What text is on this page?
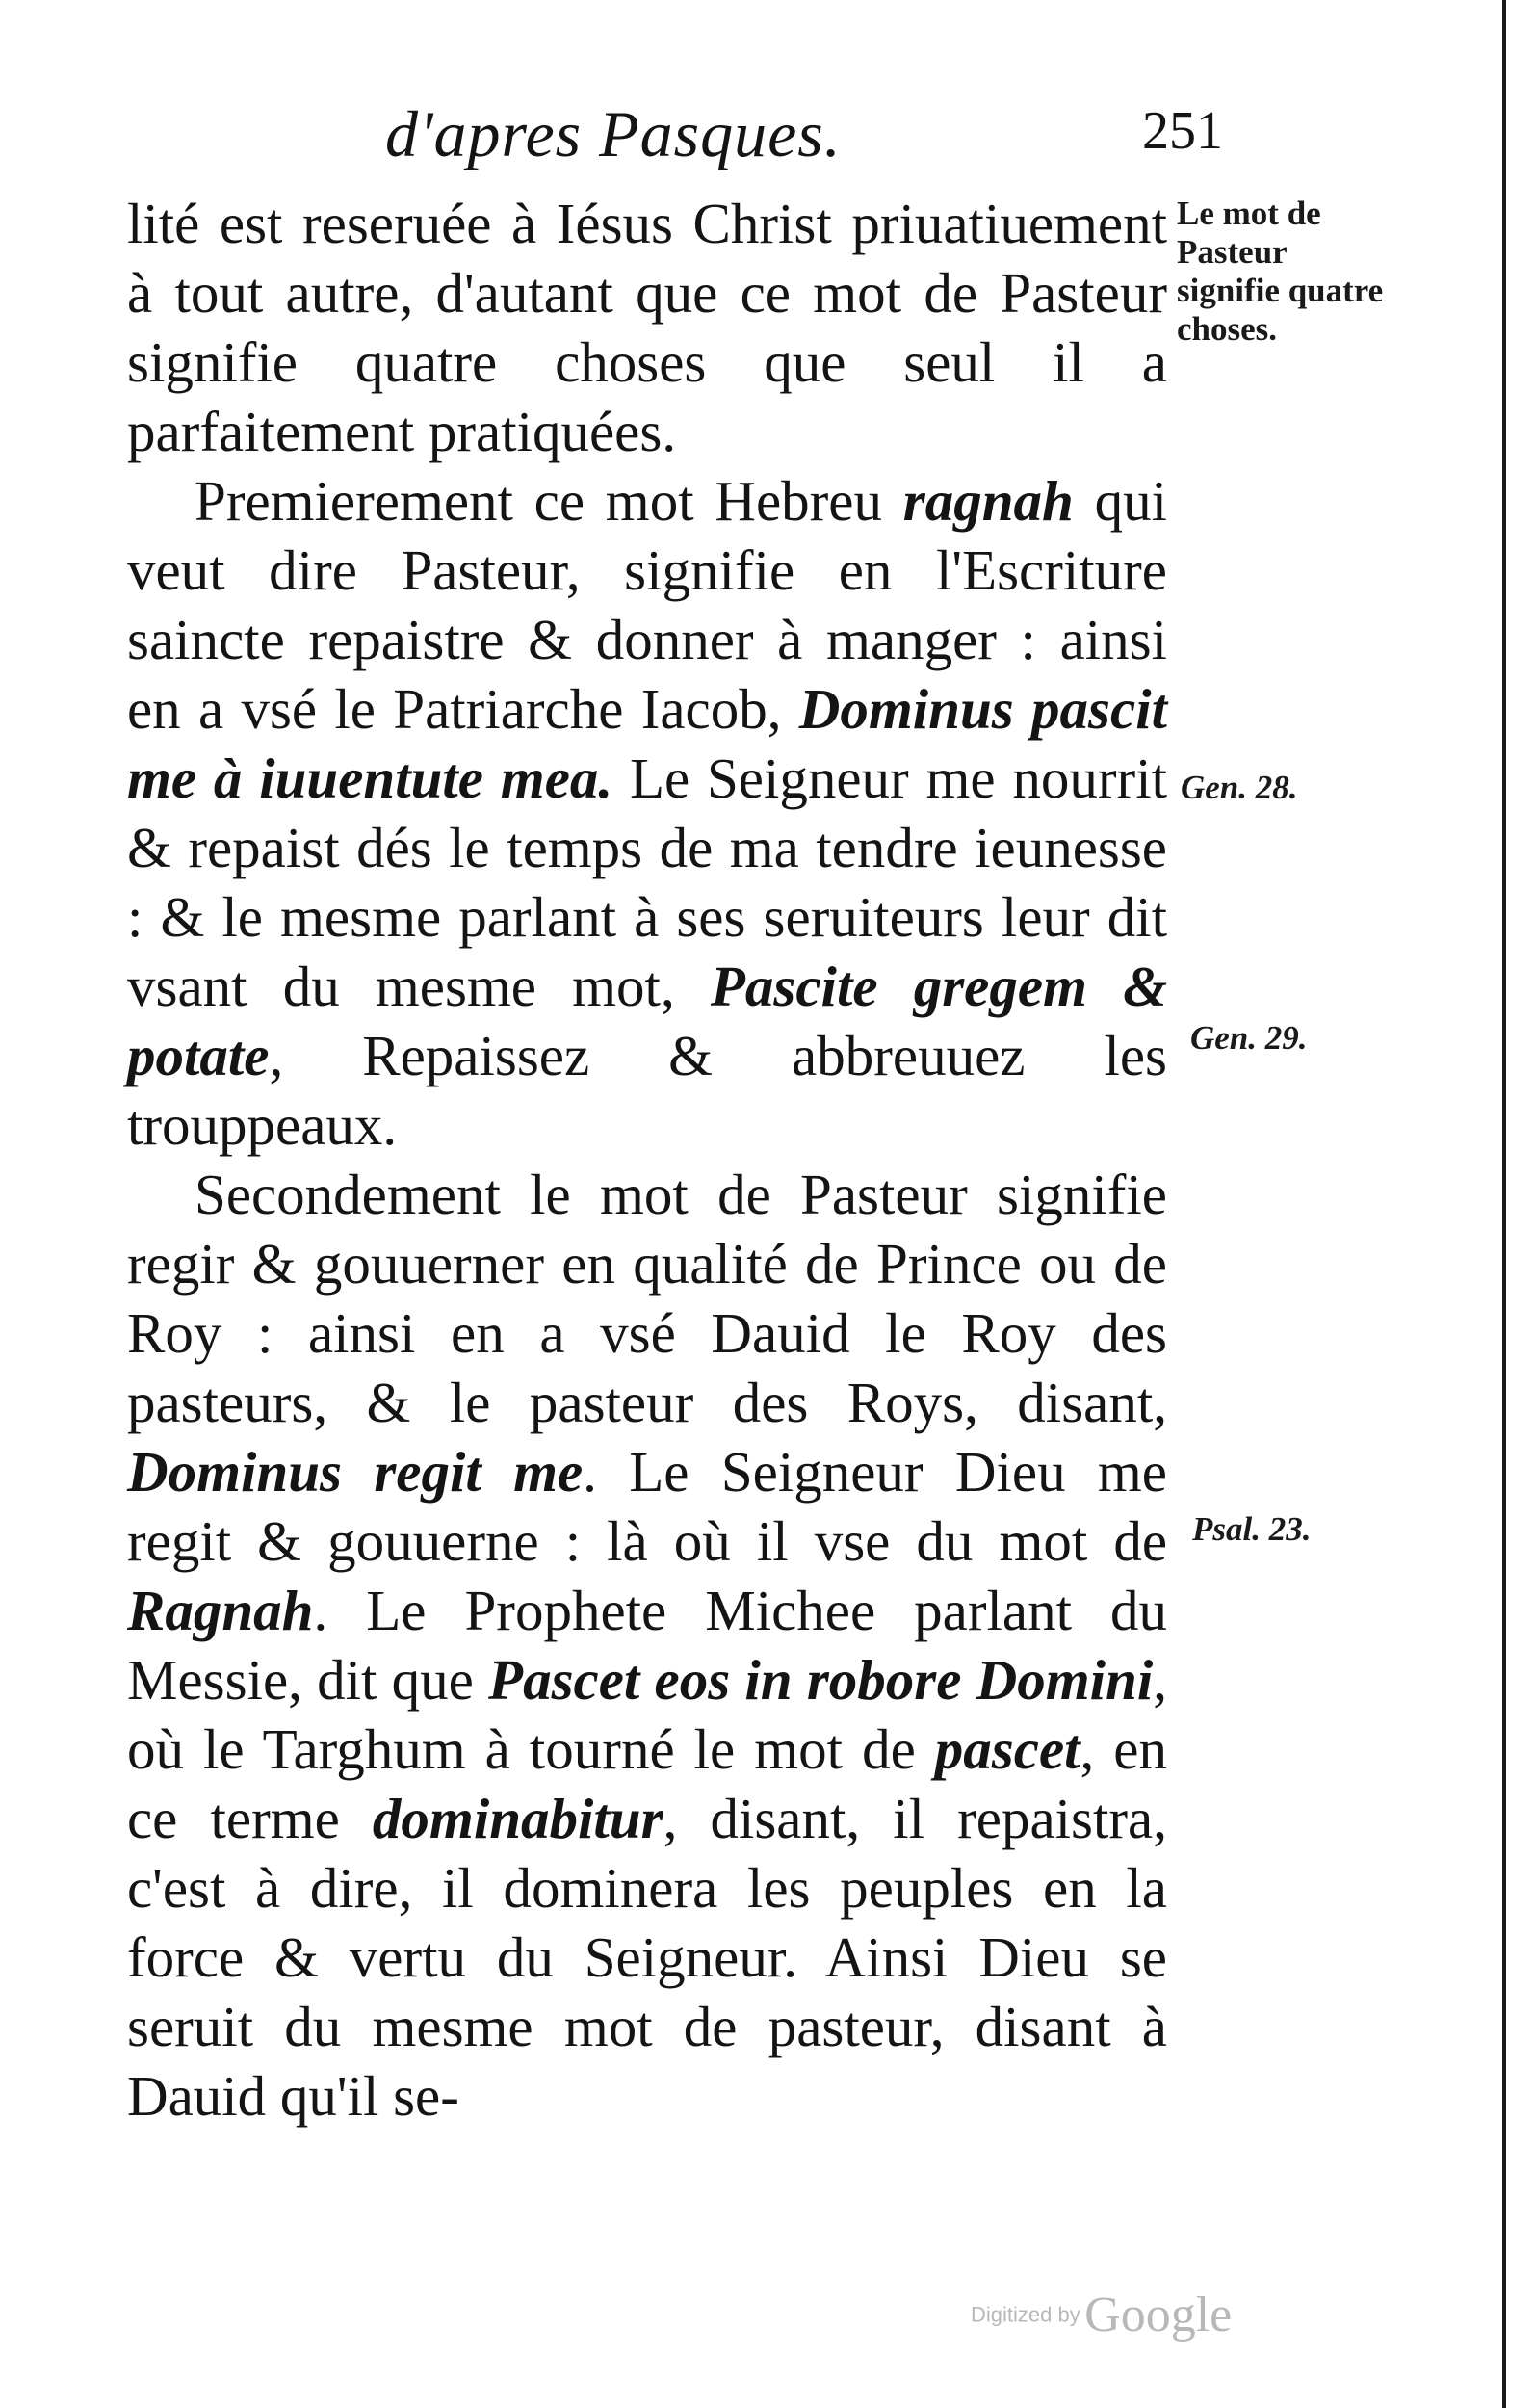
d'apres Pasques.	251

lité est reseruée à Iésus Christ priuatiuement à tout autre, d'autant que ce mot de Pasteur signifie quatre choses que seul il a parfaitement pratiquées.

Premierement ce mot Hebreu ragnah qui veut dire Pasteur, signifie en l'Escriture saincte repaistre & donner à manger : ainsi en a vsé le Patriarche Iacob, Dominus pascit me à iuuentute mea. Le Seigneur me nourrit & repaist dés le temps de ma tendre ieunesse : & le mesme parlant à ses seruiteurs leur dit vsant du mesme mot, Pascite gregem & potate, Repaissez & abbreuuez les trouppeaux.

Secondement le mot de Pasteur signifie regir & gouuerner en qualité de Prince ou de Roy : ainsi en a vsé Dauid le Roy des pasteurs, & le pasteur des Roys, disant, Dominus regit me. Le Seigneur Dieu me regit & gouuerne : là où il vse du mot de Ragnah. Le Prophete Michee parlant du Messie, dit que Pascet eos in robore Domini, où le Targhum à tourné le mot de pascet, en ce terme dominabitur, disant, il repaistra, c'est à dire, il dominera les peuples en la force & vertu du Seigneur. Ainsi Dieu se seruit du mesme mot de pasteur, disant à Dauid qu'il se-

Le mot de Pasteur signifie quatre choses.
Gen. 28.
Gen. 29.
Psal. 23.
Digitized by Google
